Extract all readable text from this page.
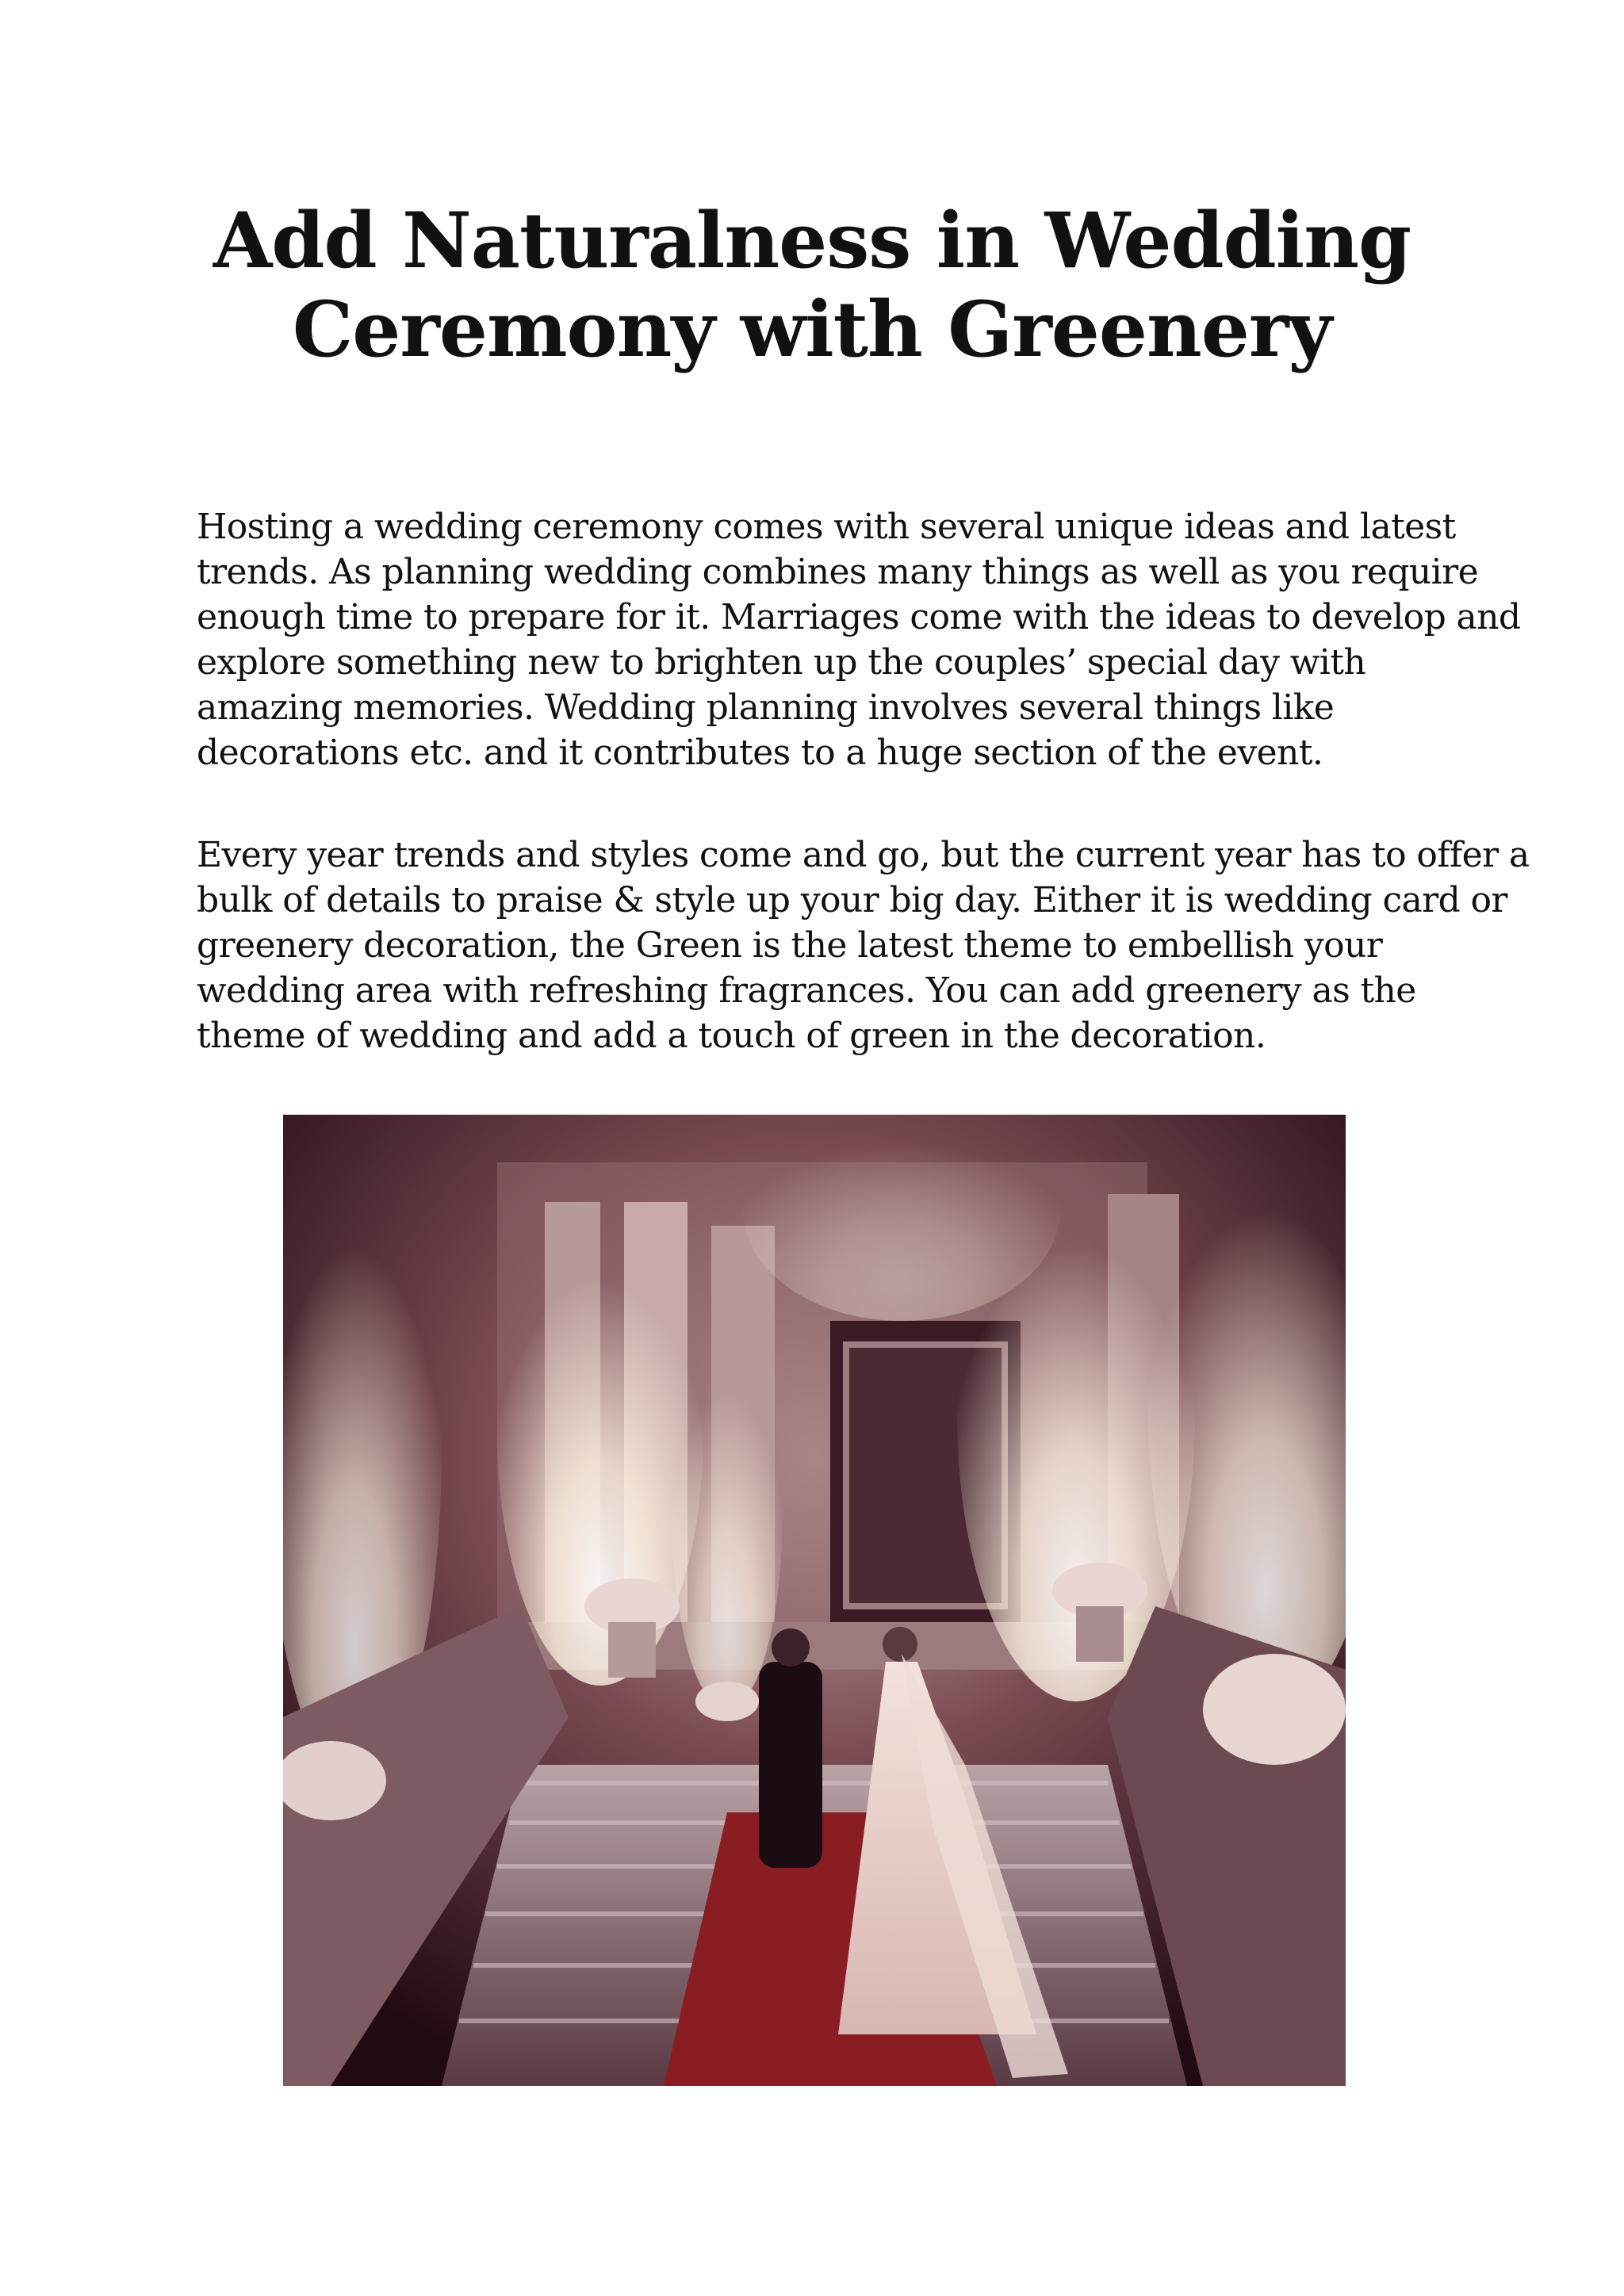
Add Naturalness in Wedding
Ceremony with Greenery
Hosting a wedding ceremony comes with several unique ideas and latest
trends. As planning wedding combines many things as well as you require
enough time to prepare for it. Marriages come with the ideas to develop and
explore something new to brighten up the couples’ special day with
amazing memories. Wedding planning involves several things like
decorations etc. and it contributes to a huge section of the event.
Every year trends and styles come and go, but the current year has to offer a
bulk of details to praise & style up your big day. Either it is wedding card or
greenery decoration, the Green is the latest theme to embellish your
wedding area with refreshing fragrances. You can add greenery as the
theme of wedding and add a touch of green in the decoration.
